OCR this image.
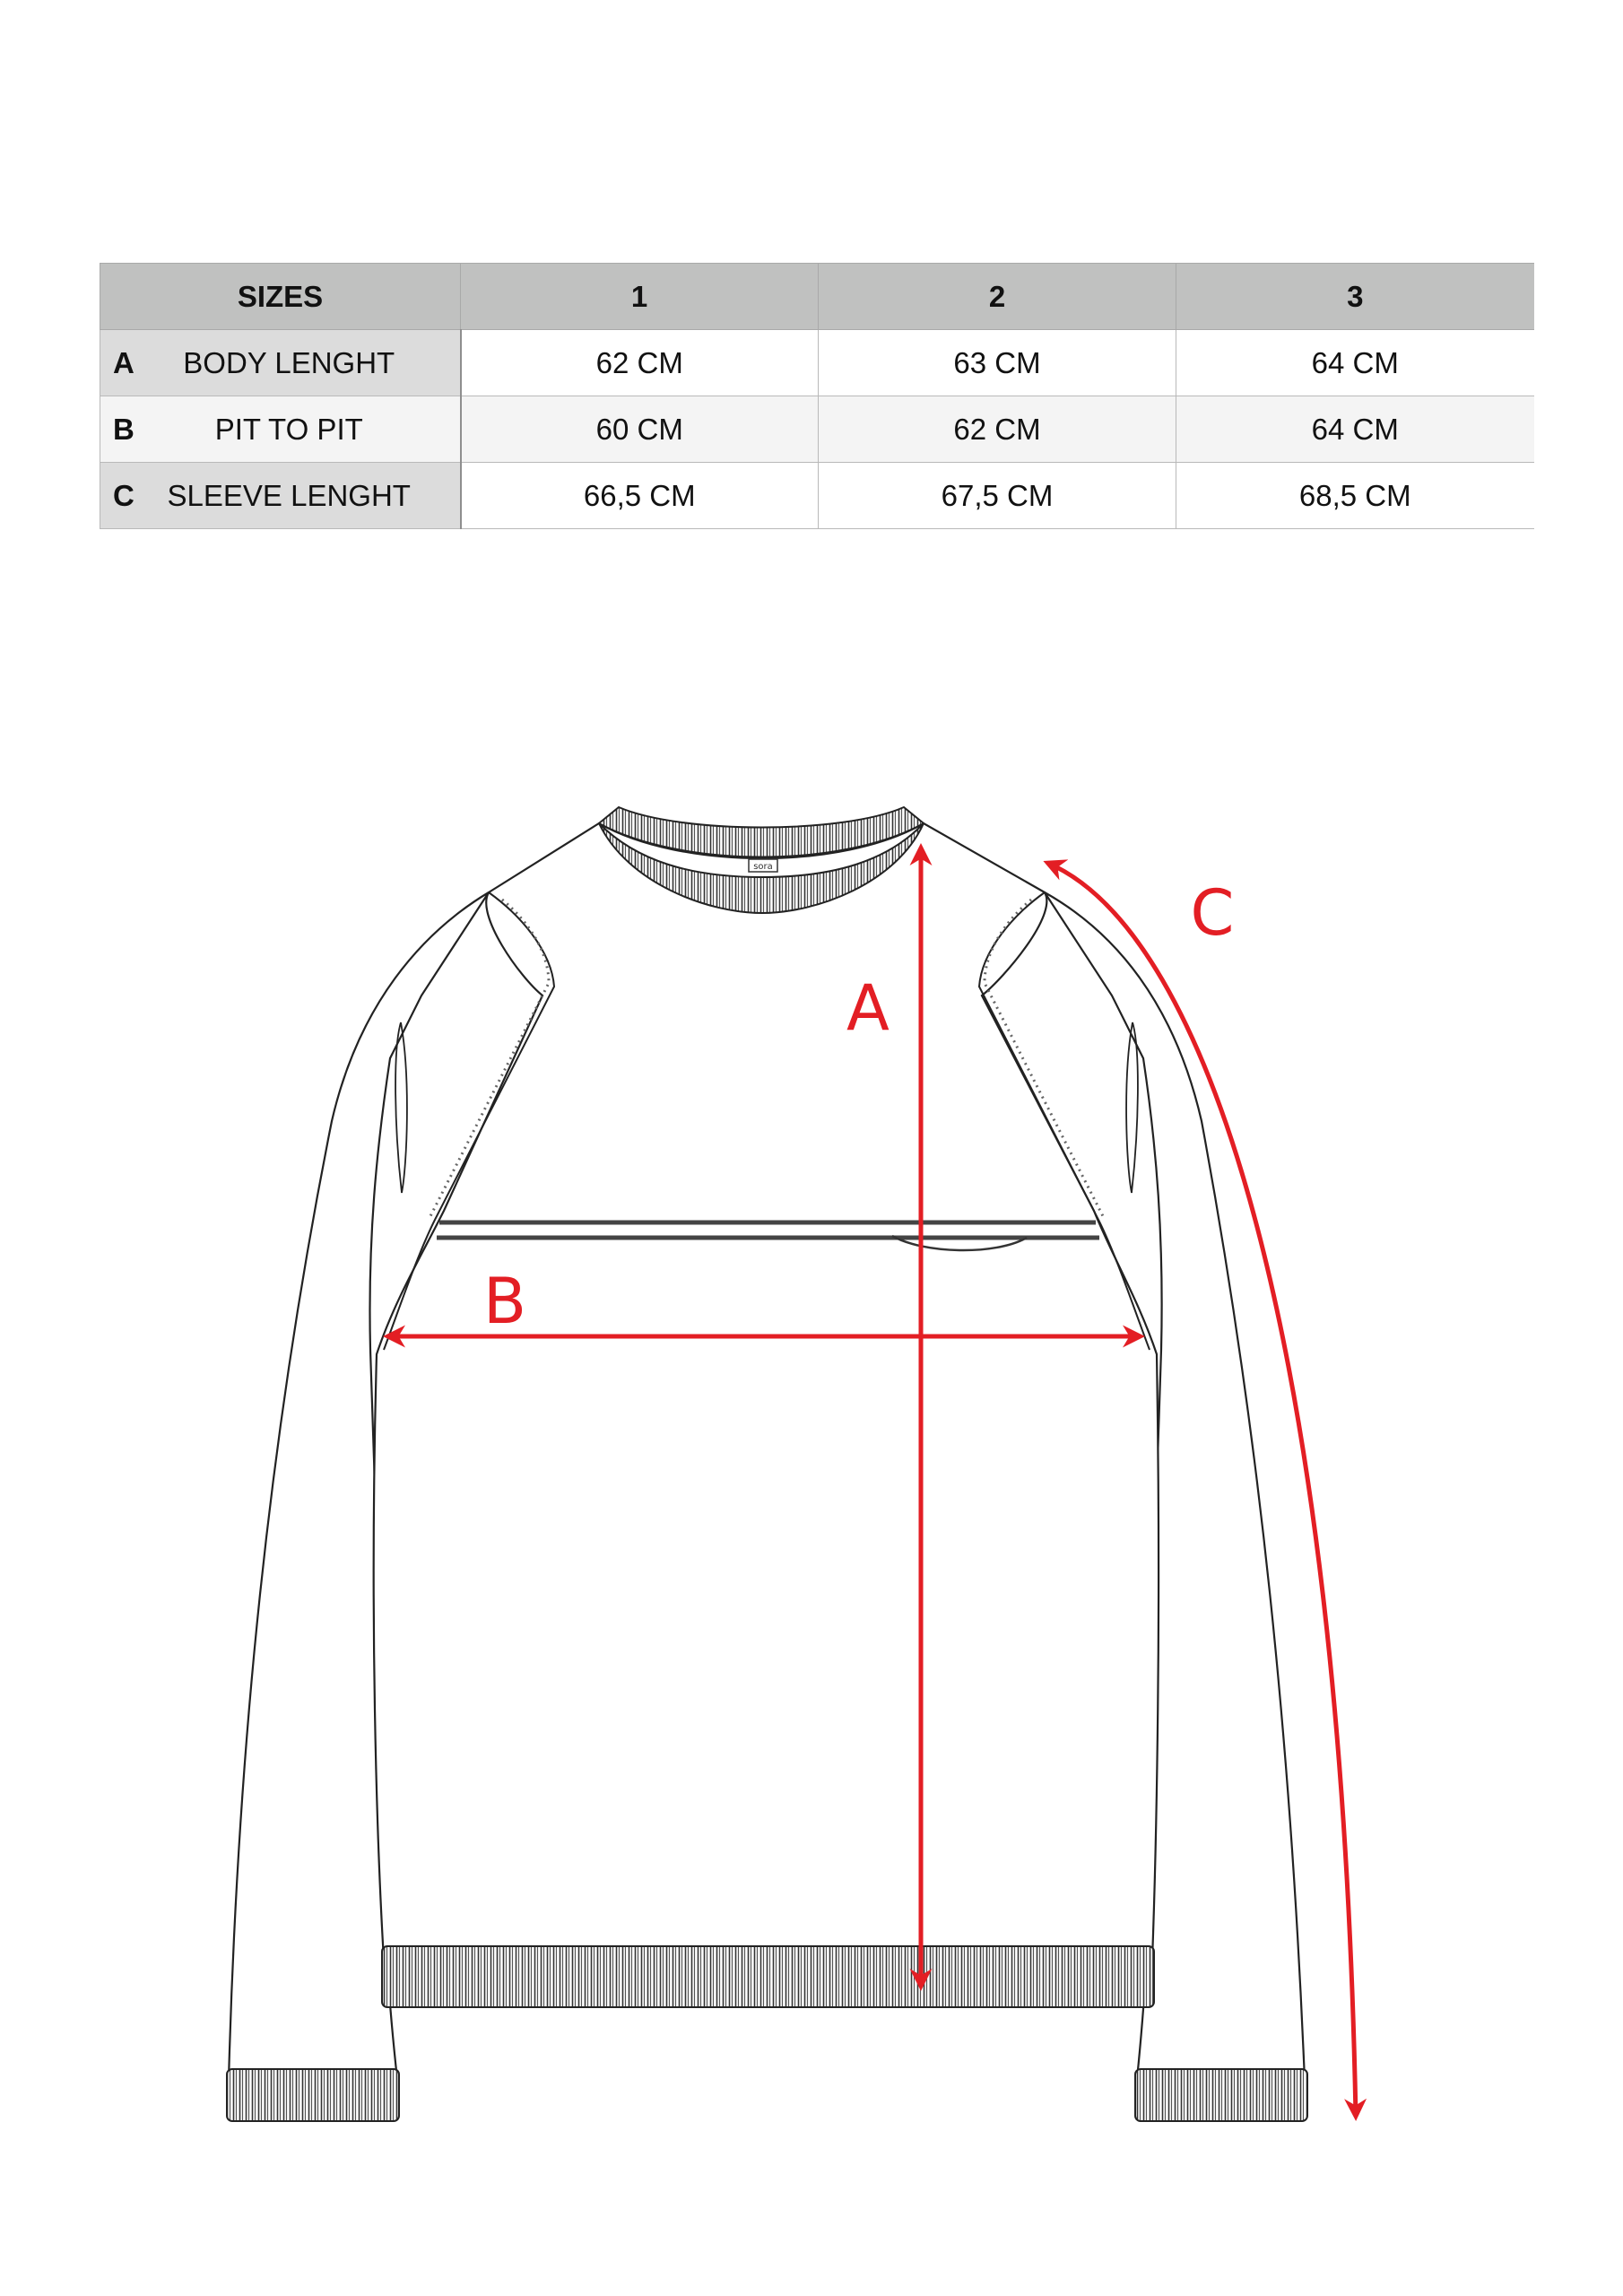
SIZES	1	2	3

A BODY LENGHT	62 CM	63 CM	64 CM

B PIT TO PIT	60 CM	62 CM	64 CM

C SLEEVE LENGHT	66,5 CM	67,5 CM	68,5 CM
sora
A
B
C
